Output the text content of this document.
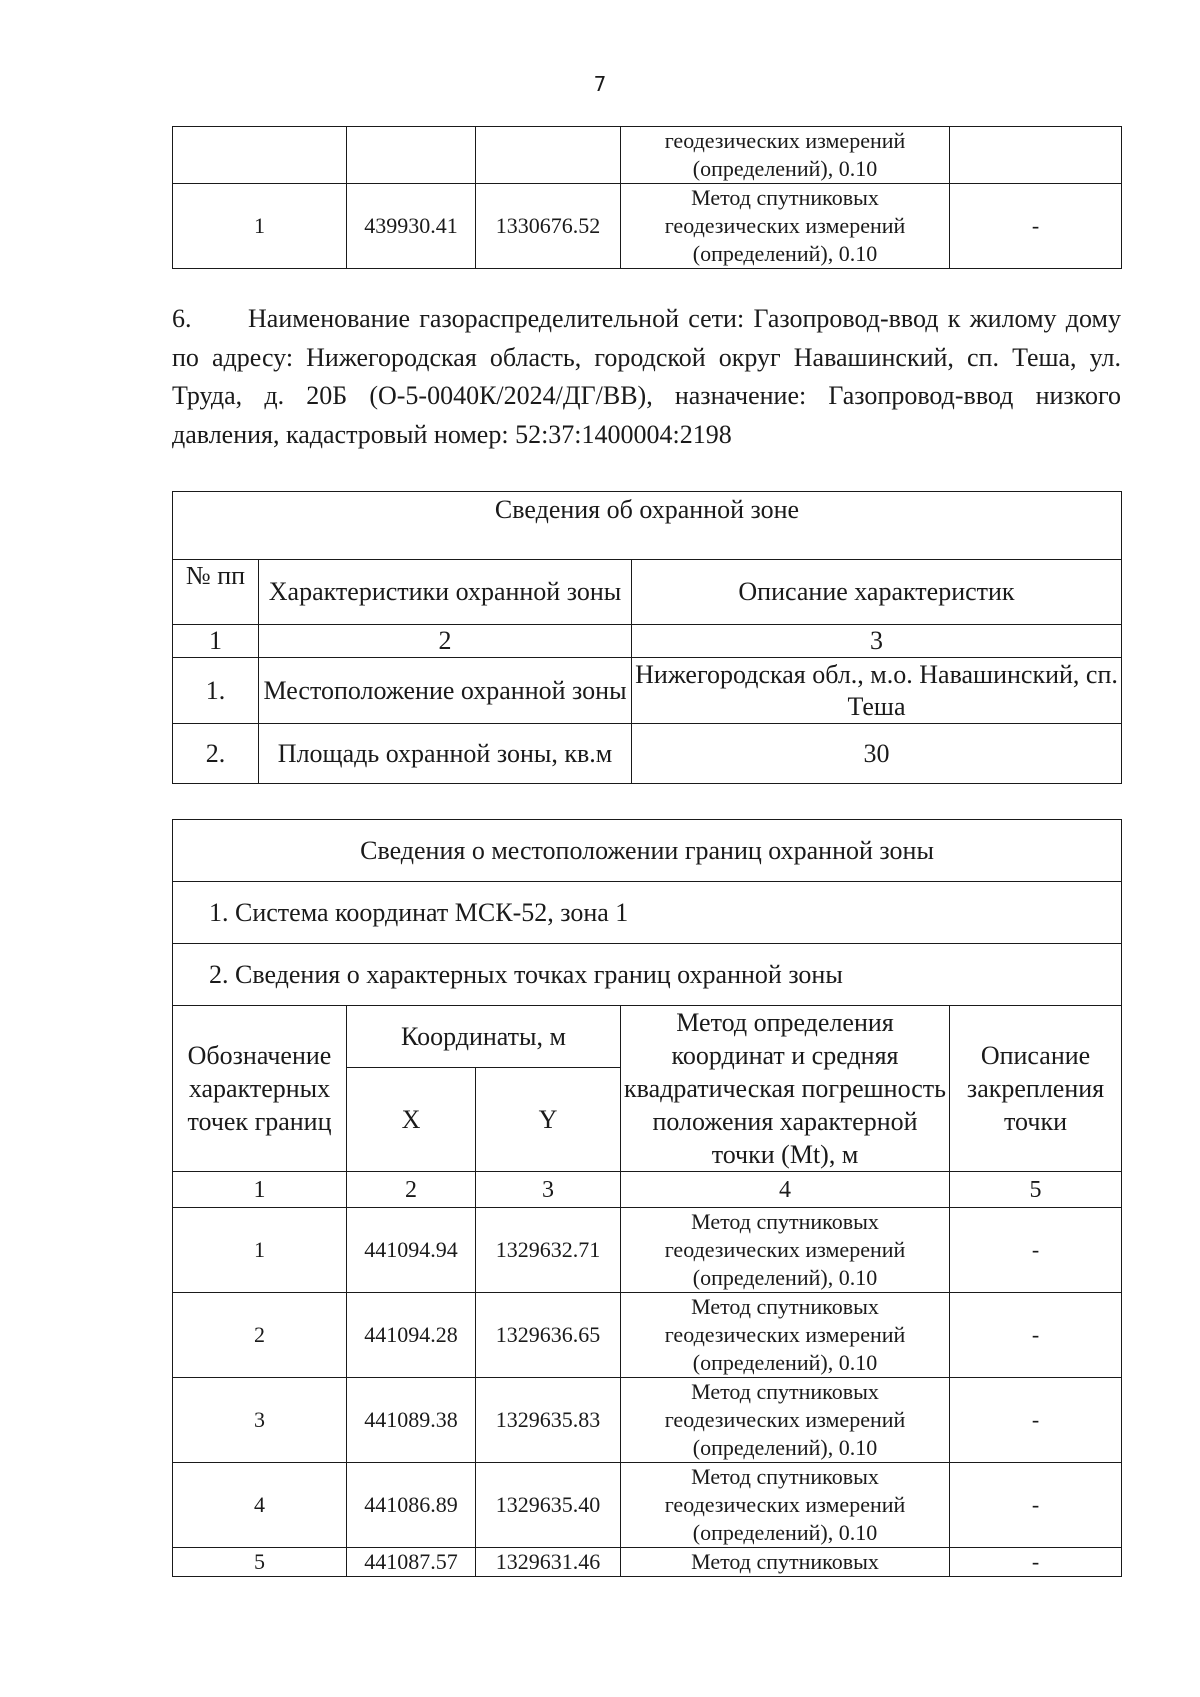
7
			геодезических измерений (определений), 0.10	
1	439930.41	1330676.52	Метод спутниковых геодезических измерений (определений), 0.10	-

6. Наименование газораспределительной сети: Газопровод-ввод к жилому дому по адресу: Нижегородская область, городской округ Навашинский, сп. Теша, ул. Труда, д. 20Б (О-5-0040К/2024/ДГ/ВВ), назначение: Газопровод-ввод низкого давления, кадастровый номер: 52:37:1400004:2198

Сведения об охранной зоне		
№ пп	Характеристики охранной зоны	Описание характеристик
1	2	3
1.	Местоположение охранной зоны	Нижегородская обл., м.о. Навашинский, сп. Теша
2.	Площадь охранной зоны, кв.м	30
Сведения о местоположении границ охранной зоны				
1. Система координат МСК-52, зона 1				
2. Сведения о характерных точках границ охранной зоны				
Обозначение характерных точек границ	Координаты, м		Метод определения координат и средняя квадратическая погрешность положения характерной точки (Mt), м	Описание закрепления точки
	X	Y		
1	2	3	4	5
1	441094.94	1329632.71	Метод спутниковых геодезических измерений (определений), 0.10	-
2	441094.28	1329636.65	Метод спутниковых геодезических измерений (определений), 0.10	-
3	441089.38	1329635.83	Метод спутниковых геодезических измерений (определений), 0.10	-
4	441086.89	1329635.40	Метод спутниковых геодезических измерений (определений), 0.10	-
5	441087.57	1329631.46	Метод спутниковых	-
